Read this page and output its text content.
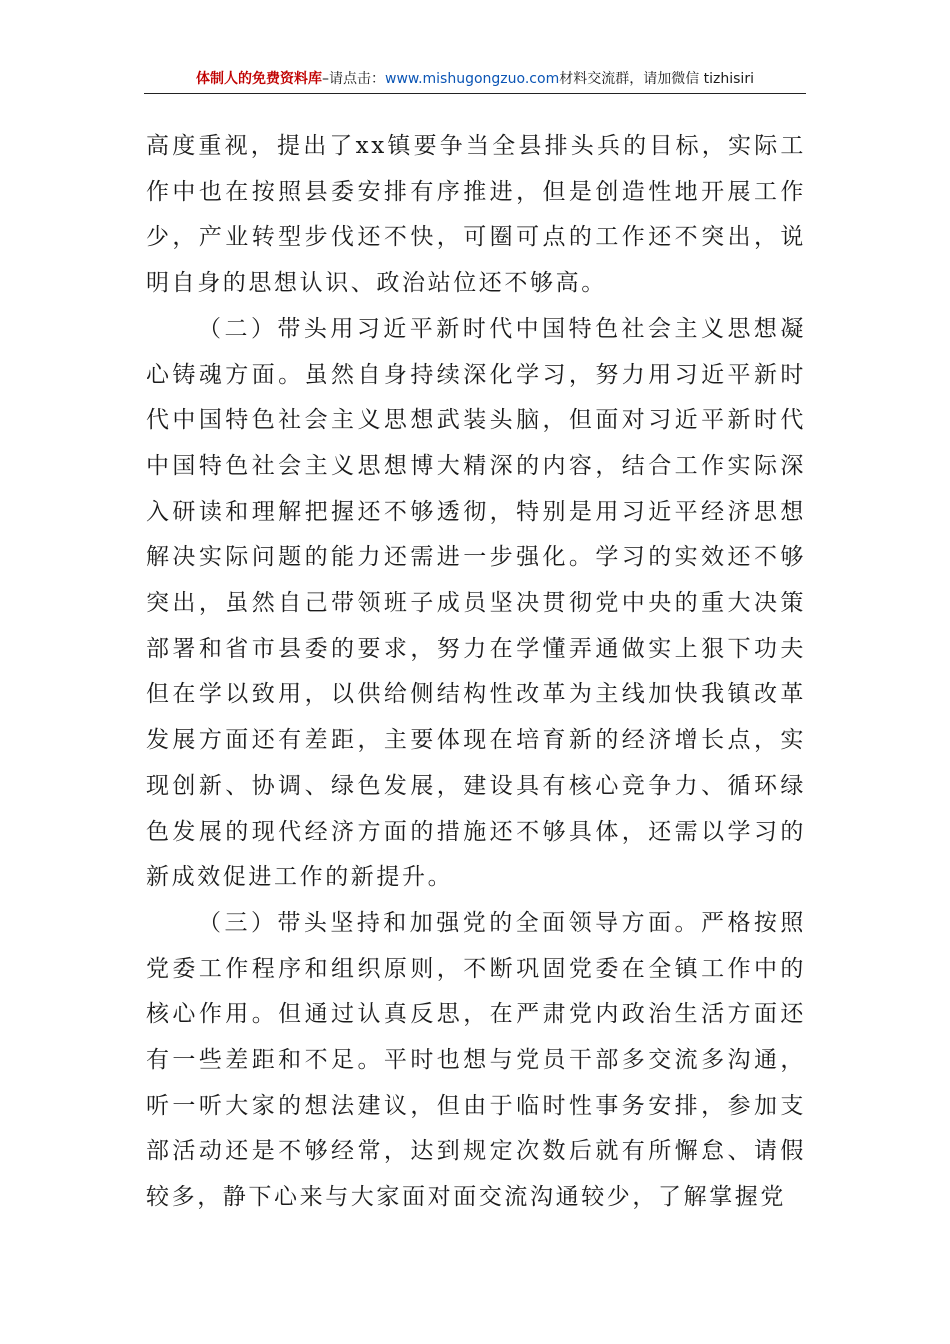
体制人的免费资料库 –请点击： www.mishugongzuo.com 材料交流群，请加微信 tizhisiri

高度重视，提出了xx镇要争当全县排头兵的目标，实际工作中也在按照县委安排有序推进，但是创造性地开展工作少，产业转型步伐还不快，可圈可点的工作还不突出，说明自身的思想认识、政治站位还不够高。

（二）带头用习近平新时代中国特色社会主义思想凝心铸魂方面。虽然自身持续深化学习，努力用习近平新时代中国特色社会主义思想武装头脑，但面对习近平新时代中国特色社会主义思想博大精深的内容，结合工作实际深入研读和理解把握还不够透彻，特别是用习近平经济思想解决实际问题的能力还需进一步强化。学习的实效还不够突出，虽然自己带领班子成员坚决贯彻党中央的重大决策部署和省市县委的要求，努力在学懂弄通做实上狠下功夫但在学以致用，以供给侧结构性改革为主线加快我镇改革发展方面还有差距，主要体现在培育新的经济增长点，实现创新、协调、绿色发展，建设具有核心竞争力、循环绿色发展的现代经济方面的措施还不够具体，还需以学习的新成效促进工作的新提升。

（三）带头坚持和加强党的全面领导方面。严格按照党委工作程序和组织原则，不断巩固党委在全镇工作中的核心作用。但通过认真反思，在严肃党内政治生活方面还有一些差距和不足。平时也想与党员干部多交流多沟通，听一听大家的想法建议，但由于临时性事务安排，参加支部活动还是不够经常，达到规定次数后就有所懈怠、请假较多，静下心来与大家面对面交流沟通较少，了解掌握党
